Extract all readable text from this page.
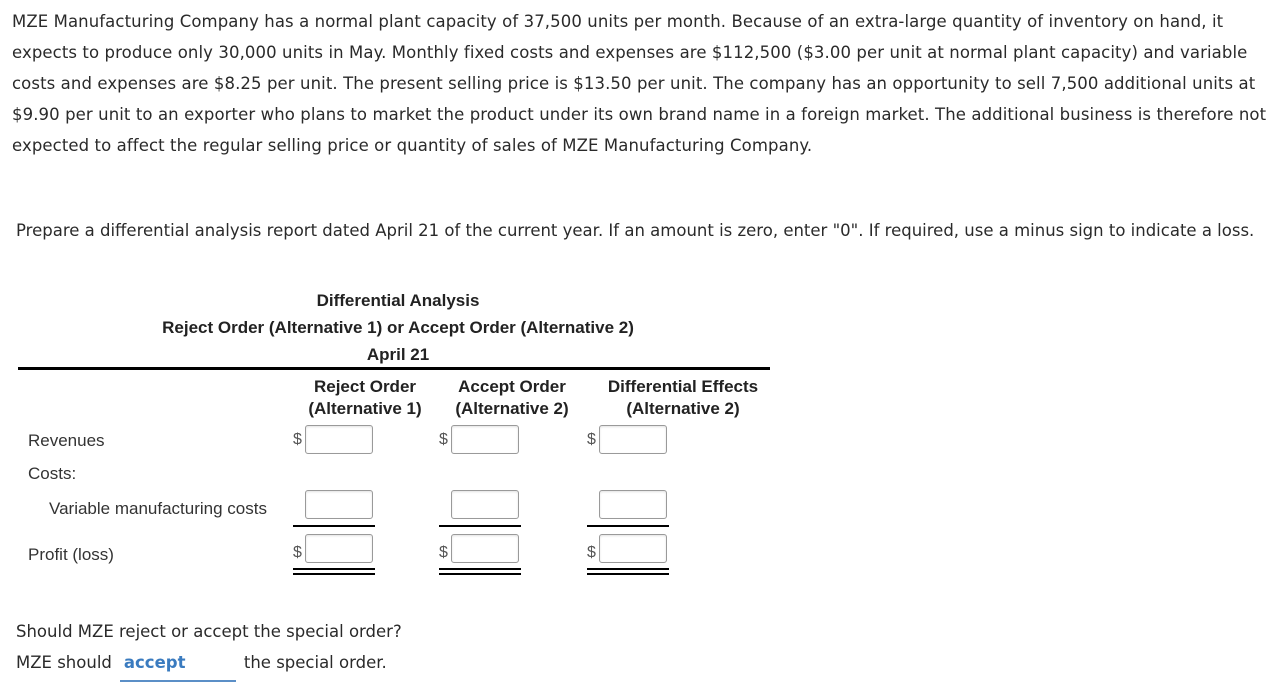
MZE Manufacturing Company has a normal plant capacity of 37,500 units per month. Because of an extra-large quantity of inventory on hand, it expects to produce only 30,000 units in May. Monthly fixed costs and expenses are $112,500 ($3.00 per unit at normal plant capacity) and variable costs and expenses are $8.25 per unit. The present selling price is $13.50 per unit. The company has an opportunity to sell 7,500 additional units at $9.90 per unit to an exporter who plans to market the product under its own brand name in a foreign market. The additional business is therefore not expected to affect the regular selling price or quantity of sales of MZE Manufacturing Company.

Prepare a differential analysis report dated April 21 of the current year. If an amount is zero, enter "0". If required, use a minus sign to indicate a loss.
Differential Analysis
Reject Order (Alternative 1) or Accept Order (Alternative 2)
April 21
Reject Order
(Alternative 1)
Accept Order
(Alternative 2)
Differential Effects
(Alternative 2)
Revenues	$	$	$
Costs:
Variable manufacturing costs
Profit (loss)	$	$	$
Should MZE reject or accept the special order?
MZE should accept	the special order.
